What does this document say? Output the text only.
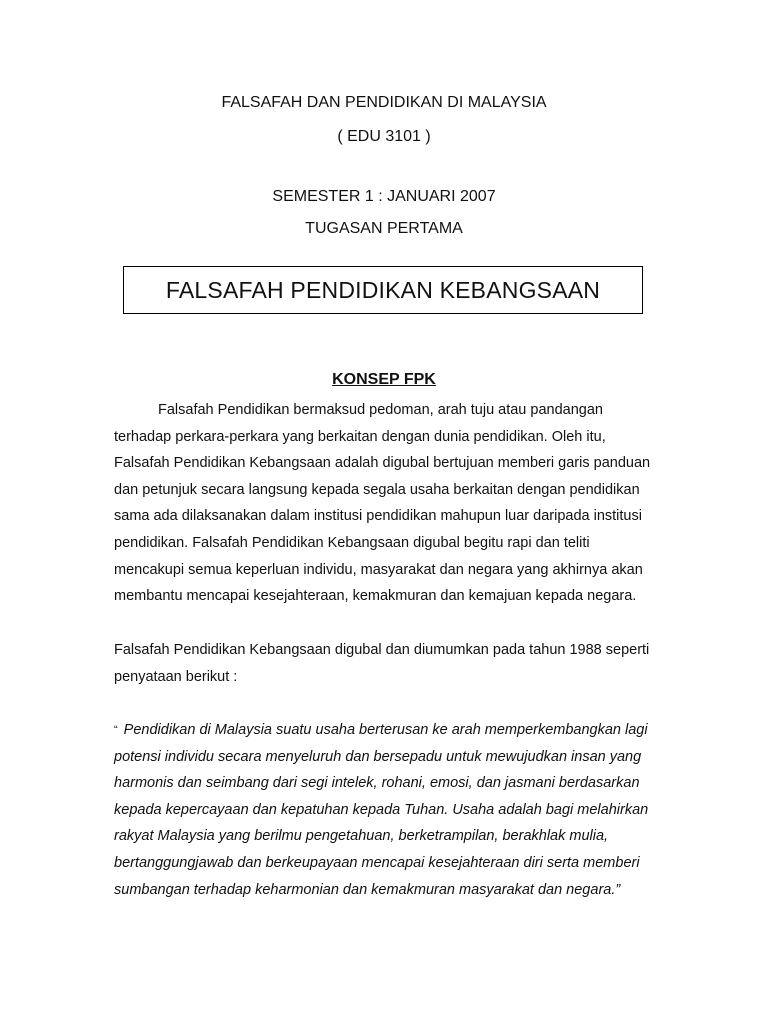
FALSAFAH DAN PENDIDIKAN DI MALAYSIA
( EDU 3101 )
SEMESTER 1 : JANUARI 2007
TUGASAN PERTAMA
FALSAFAH PENDIDIKAN KEBANGSAAN
KONSEP FPK

Falsafah Pendidikan bermaksud pedoman, arah tuju atau pandangan terhadap perkara-perkara yang berkaitan dengan dunia pendidikan. Oleh itu, Falsafah Pendidikan Kebangsaan adalah digubal bertujuan memberi garis panduan dan petunjuk secara langsung kepada segala usaha berkaitan dengan pendidikan sama ada dilaksanakan dalam institusi pendidikan mahupun luar daripada institusi pendidikan. Falsafah Pendidikan Kebangsaan digubal begitu rapi dan teliti mencakupi semua keperluan individu, masyarakat dan negara yang akhirnya akan membantu mencapai kesejahteraan, kemakmuran dan kemajuan kepada negara.

Falsafah Pendidikan Kebangsaan digubal dan diumumkan pada tahun 1988 seperti penyataan berikut :

“ Pendidikan di Malaysia suatu usaha berterusan ke arah memperkembangkan lagi potensi individu secara menyeluruh dan bersepadu untuk mewujudkan insan yang harmonis dan seimbang dari segi intelek, rohani, emosi, dan jasmani berdasarkan kepada kepercayaan dan kepatuhan kepada Tuhan. Usaha adalah bagi melahirkan rakyat Malaysia yang berilmu pengetahuan, berketrampilan, berakhlak mulia, bertanggungjawab dan berkeupayaan mencapai kesejahteraan diri serta memberi sumbangan terhadap keharmonian dan kemakmuran masyarakat dan negara.”
